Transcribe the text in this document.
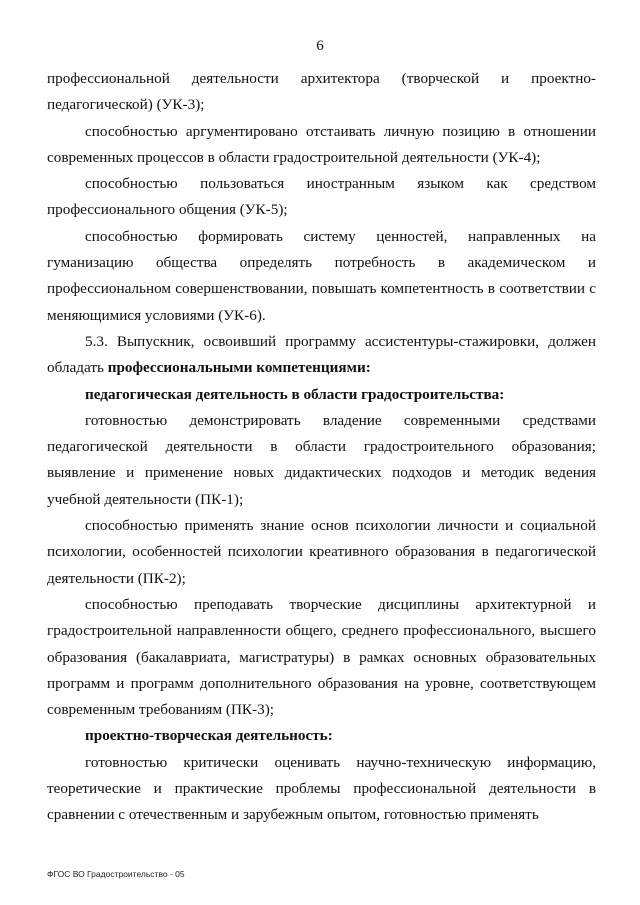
6

профессиональной деятельности архитектора (творческой и проектно-педагогической) (УК-3);

способностью аргументировано отстаивать личную позицию в отношении современных процессов в области градостроительной деятельности (УК-4);

способностью пользоваться иностранным языком как средством профессионального общения (УК-5);

способностью формировать систему ценностей, направленных на гуманизацию общества определять потребность в академическом и профессиональном совершенствовании, повышать компетентность в соответствии с меняющимися условиями (УК-6).

5.3. Выпускник, освоивший программу ассистентуры-стажировки, должен обладать профессиональными компетенциями:

педагогическая деятельность в области градостроительства:

готовностью демонстрировать владение современными средствами педагогической деятельности в области градостроительного образования; выявление и применение новых дидактических подходов и методик ведения учебной деятельности (ПК-1);

способностью применять знание основ психологии личности и социальной психологии, особенностей психологии креативного образования в педагогической деятельности (ПК-2);

способностью преподавать творческие дисциплины архитектурной и градостроительной направленности общего, среднего профессионального, высшего образования (бакалавриата, магистратуры) в рамках основных образовательных программ и программ дополнительного образования на уровне, соответствующем современным требованиям (ПК-3);

проектно-творческая деятельность:

готовностью критически оценивать научно-техническую информацию, теоретические и практические проблемы профессиональной деятельности в сравнении с отечественным и зарубежным опытом, готовностью применять

ФГОС ВО Градостроительство - 05
